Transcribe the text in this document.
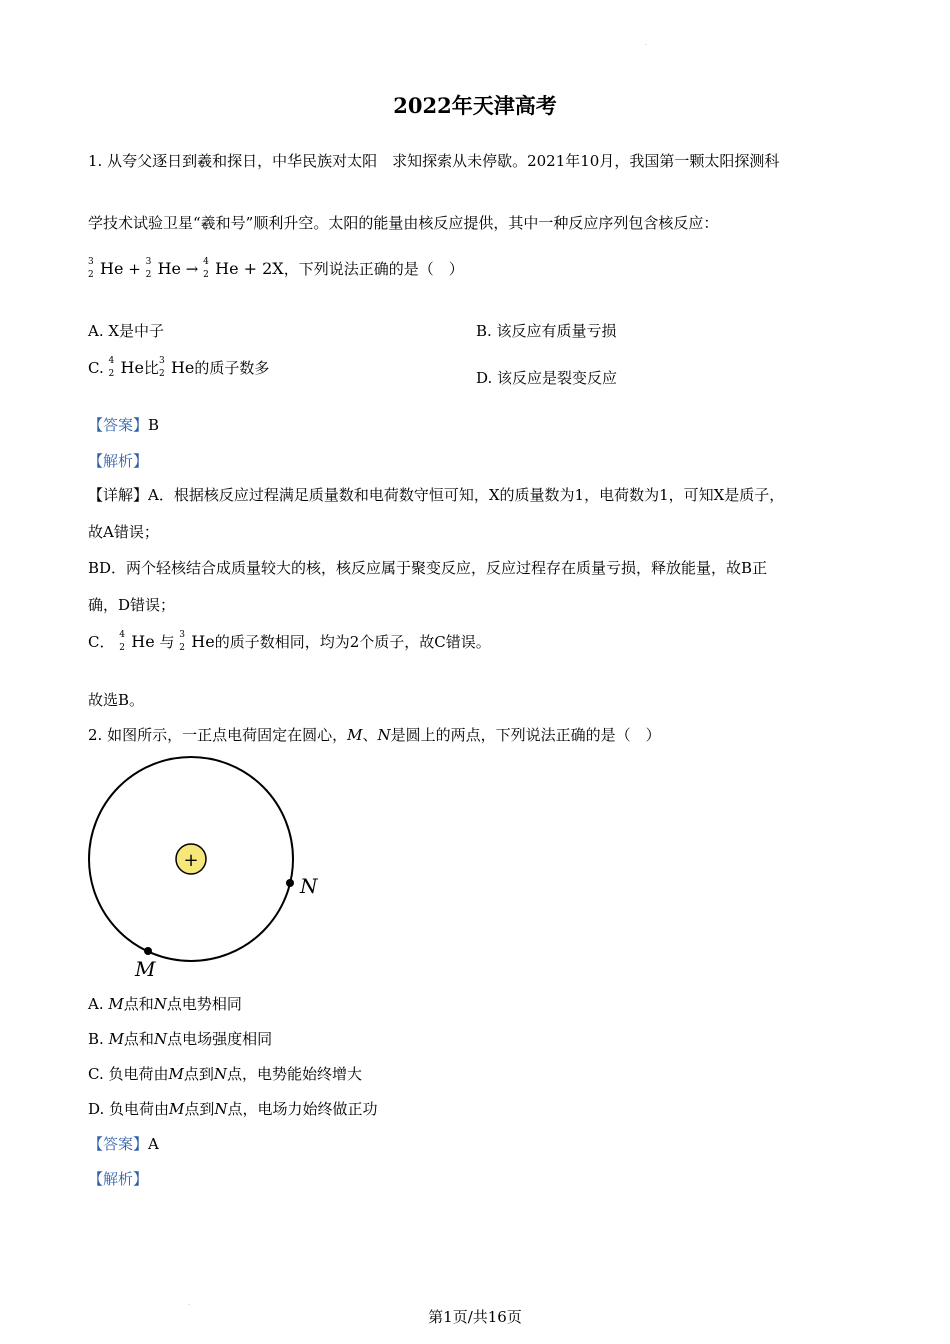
.
2022年天津高考
1. 从夸父逐日到羲和探日，中华民族对太阳　求知探索从未停歇。2021年10月，我国第一颗太阳探测科
学技术试验卫星“羲和号”顺利升空。太阳的能量由核反应提供，其中一种反应序列包含核反应：
3
2 He + 3
2 He → 4
2 He + 2X，下列说法正确的是（　）
A. X是中子	B. 该反应有质量亏损
C. 4
2 He比 3
2 He的质子数多
D. 该反应是裂变反应
【答案】B
【解析】
【详解】A．根据核反应过程满足质量数和电荷数守恒可知，X的质量数为1，电荷数为1，可知X是质子，
故A错误；
BD．两个轻核结合成质量较大的核，核反应属于聚变反应，反应过程存在质量亏损，释放能量，故B正
确，D错误；
C． 4
2 He 与 3
2 He的质子数相同，均为2个质子，故C错误。
故选B。
2. 如图所示，一正点电荷固定在圆心，M、N是圆上的两点，下列说法正确的是（　）
+
N
M
A. M点和N点电势相同
B. M点和N点电场强度相同
C. 负电荷由M点到N点，电势能始终增大
D. 负电荷由M点到N点，电场力始终做正功
【答案】A
【解析】
.
第1页/共16页
